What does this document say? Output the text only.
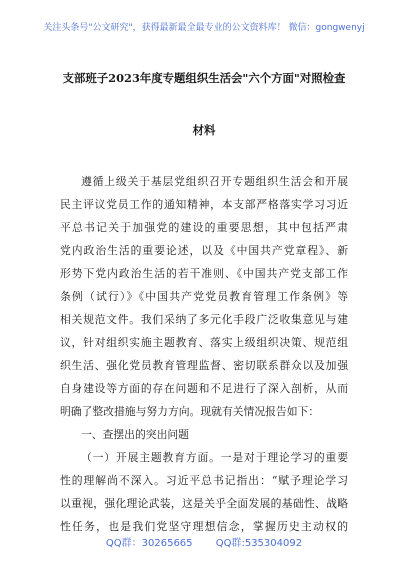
关注头条号"公文研究"，获得最新最全最专业的公文资料库！ 微信：gongwenyj
支部班子2023年度专题组织生活会"六个方面"对照检查
材料
遵循上级关于基层党组织召开专题组织生活会和开展
民主评议党员工作的通知精神，本支部严格落实学习习近
平总书记关于加强党的建设的重要思想，其中包括严肃
党内政治生活的重要论述，以及《中国共产党章程》、新
形势下党内政治生活的若干准则、《中国共产党支部工作
条例（试行）》《中国共产党党员教育管理工作条例》等
相关规范文件。我们采纳了多元化手段广泛收集意见与建
议，针对组织实施主题教育、落实上级组织决策、规范组
织生活、强化党员教育管理监督、密切联系群众以及加强
自身建设等方面的存在问题和不足进行了深入剖析，从而
明确了整改措施与努力方向。现就有关情况报告如下：
一、查摆出的突出问题
（一）开展主题教育方面。一是对于理论学习的重要
性的理解尚不深入。习近平总书记指出：“赋予理论学习
以重视，强化理论武装，这是关乎全面发展的基础性、战略
性任务，也是我们党坚守理想信念，掌握历史主动权的
QQ群：30265665 QQ群:535304092
